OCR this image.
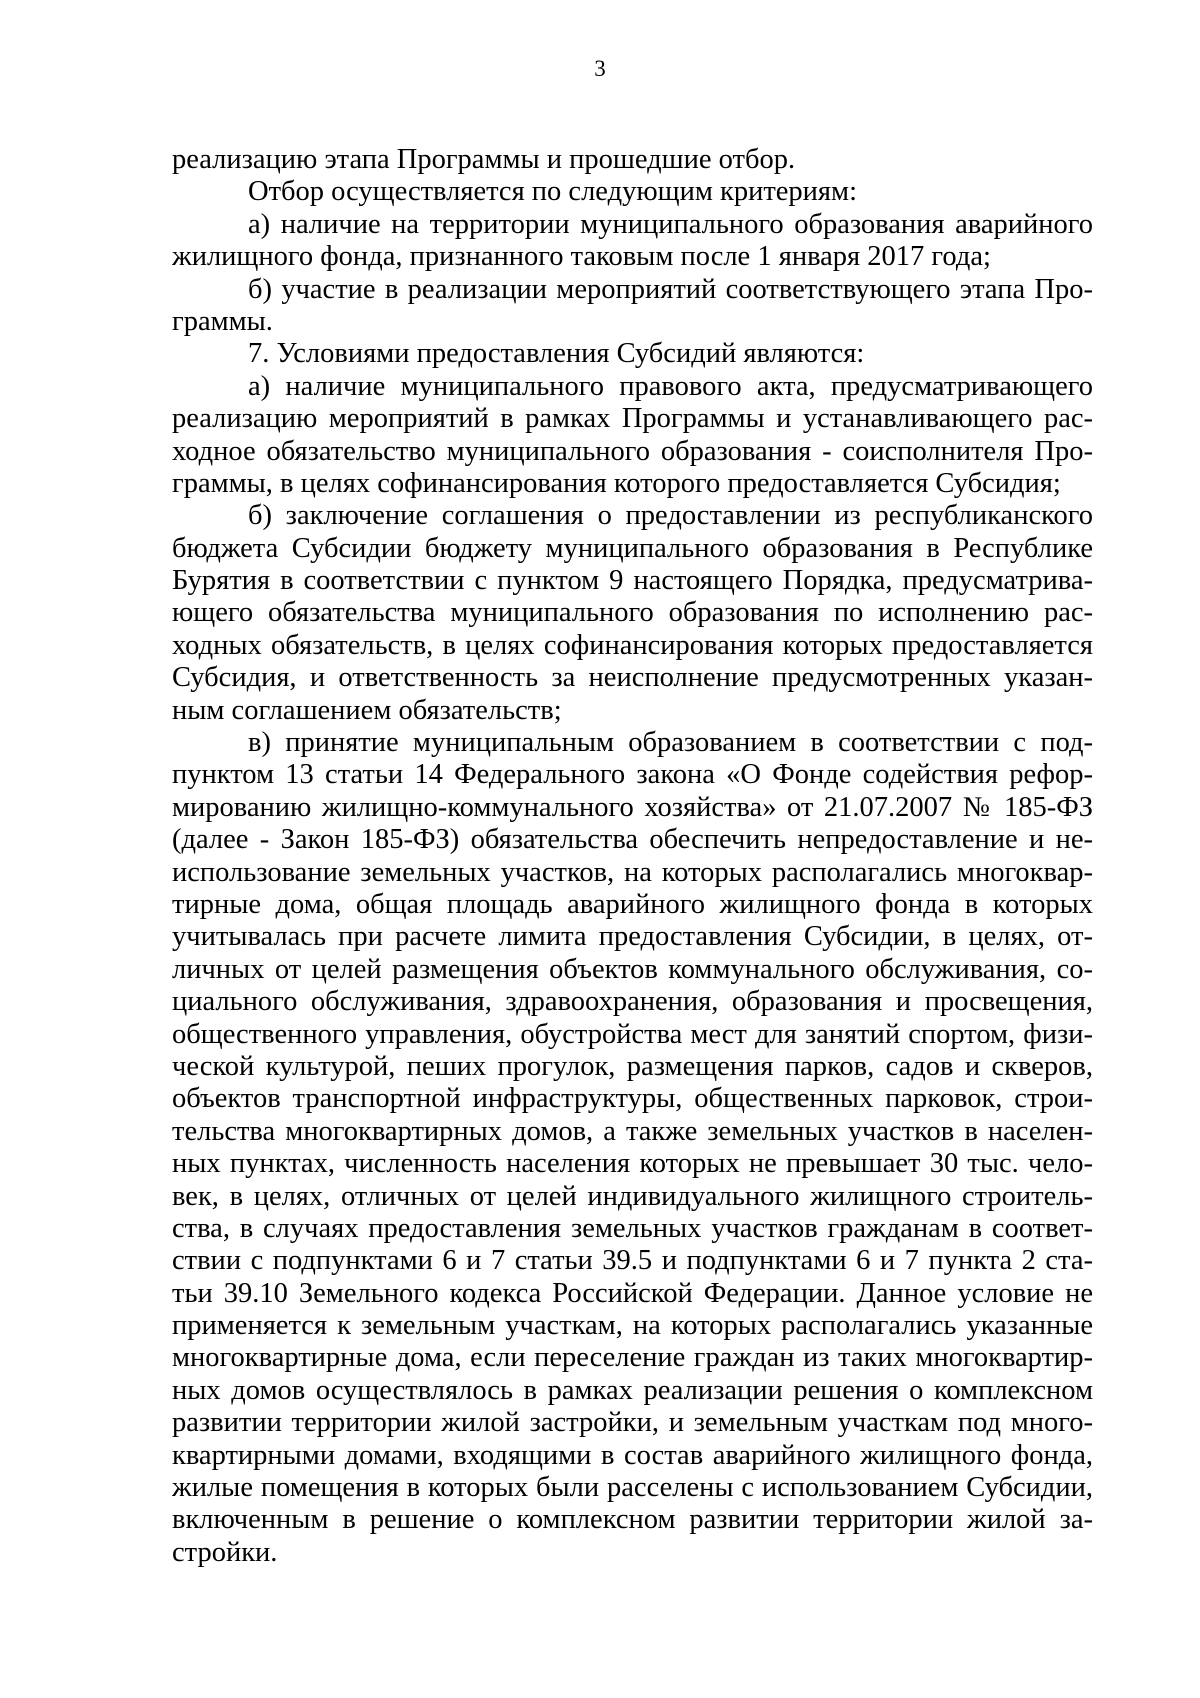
3
реализацию этапа Программы и прошедшие отбор.
Отбор осуществляется по следующим критериям:
а) наличие на территории муниципального образования аварийного
жилищного фонда, признанного таковым после 1 января 2017 года;
б) участие в реализации мероприятий соответствующего этапа Про-
граммы.
7. Условиями предоставления Субсидий являются:
а) наличие муниципального правового акта, предусматривающего
реализацию мероприятий в рамках Программы и устанавливающего рас-
ходное обязательство муниципального образования - соисполнителя Про-
граммы, в целях софинансирования которого предоставляется Субсидия;
б) заключение соглашения о предоставлении из республиканского
бюджета Субсидии бюджету муниципального образования в Республике
Бурятия в соответствии с пунктом 9 настоящего Порядка, предусматрива-
ющего обязательства муниципального образования по исполнению рас-
ходных обязательств, в целях софинансирования которых предоставляется
Субсидия, и ответственность за неисполнение предусмотренных указан-
ным соглашением обязательств;
в) принятие муниципальным образованием в соответствии с под-
пунктом 13 статьи 14 Федерального закона «О Фонде содействия рефор-
мированию жилищно-коммунального хозяйства» от 21.07.2007 № 185-ФЗ
(далее - Закон 185-ФЗ) обязательства обеспечить непредоставление и не-
использование земельных участков, на которых располагались многоквар-
тирные дома, общая площадь аварийного жилищного фонда в которых
учитывалась при расчете лимита предоставления Субсидии, в целях, от-
личных от целей размещения объектов коммунального обслуживания, со-
циального обслуживания, здравоохранения, образования и просвещения,
общественного управления, обустройства мест для занятий спортом, физи-
ческой культурой, пеших прогулок, размещения парков, садов и скверов,
объектов транспортной инфраструктуры, общественных парковок, строи-
тельства многоквартирных домов, а также земельных участков в населен-
ных пунктах, численность населения которых не превышает 30 тыс. чело-
век, в целях, отличных от целей индивидуального жилищного строитель-
ства, в случаях предоставления земельных участков гражданам в соответ-
ствии с подпунктами 6 и 7 статьи 39.5 и подпунктами 6 и 7 пункта 2 ста-
тьи 39.10 Земельного кодекса Российской Федерации. Данное условие не
применяется к земельным участкам, на которых располагались указанные
многоквартирные дома, если переселение граждан из таких многоквартир-
ных домов осуществлялось в рамках реализации решения о комплексном
развитии территории жилой застройки, и земельным участкам под много-
квартирными домами, входящими в состав аварийного жилищного фонда,
жилые помещения в которых были расселены с использованием Субсидии,
включенным в решение о комплексном развитии территории жилой за-
стройки.
